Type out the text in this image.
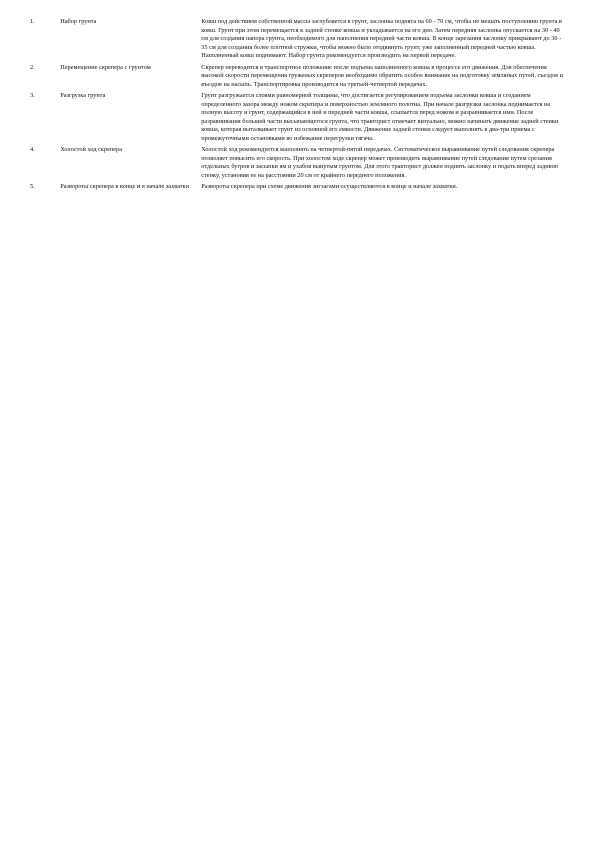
1.	Набор грунта	Ковш под действием собственной массы заглубляется в грунт, заслонка поднята на 60 - 70 см, чтобы не мешать поступлению грунта в ковш. Грунт при этом перемещается к задней стенке ковша и укладывается на его дно. Затем передняя заслонка опускается на 30 - 40 см для создания напора грунта, необходимого для наполнения передней части ковша. В конце зарезания заслонку прикрывают до 30 - 35 см для создания более плотной стружки, чтобы можно было отодвинуть грунт, уже заполненный передней частью ковша. Наполненный ковш поднимают. Набор грунта рекомендуется производить на первой передаче.
2.	Перемещение скрепера с грунтом	Скрепер переводится в транспортное положение после подъема наполненного ковша в процессе его движения. Для обеспечения высокой скорости перемещения груженых скреперов необходимо обратить особое внимание на подготовку земляных путей, съездов и въездов на насыпь. Транспортировка производится на третьей-четвертой передачах.
3.	Разгрузка грунта	Грунт разгружается слоями равномерной толщины, что достигается регулированием подъема заслонки ковша и созданием определенного зазора между ножом скрепера и поверхностью земляного полотна. При начале разгрузки заслонка поднимается на полную высоту и грунт, содержащийся в ней и передней части ковша, ссыпается перед ножом и разравнивается ими. После разравнивания большей части высыпающегося грунта, что тракторист отмечает визуально, можно начинать движение задней стенки ковша, которая выталкивает грунт из основной его емкости. Движение задней стенки следует выполнять в два-три приема с промежуточными остановками во избежание перегрузки тягача.
4.	Холостой ход скрепера	Холостой ход рекомендуется выполнять на четвертой-пятой передачах. Систематическое выравнивание путей следования скрепера позволяет повысить его скорость. При холостом ходе скрепер может производить выравнивание путей следования путем срезания отдельных бугров и засыпки ям и ухабов вынутым грунтом. Для этого тракторист должен поднять заслонку и подать вперед заднюю стенку, установив ее на расстоянии 20 см от крайнего переднего положения.
5.	Развороты скрепера в конце и в начале захватки	Развороты скрепера при схеме движения зигзагами осуществляются в конце и начале захватки.
